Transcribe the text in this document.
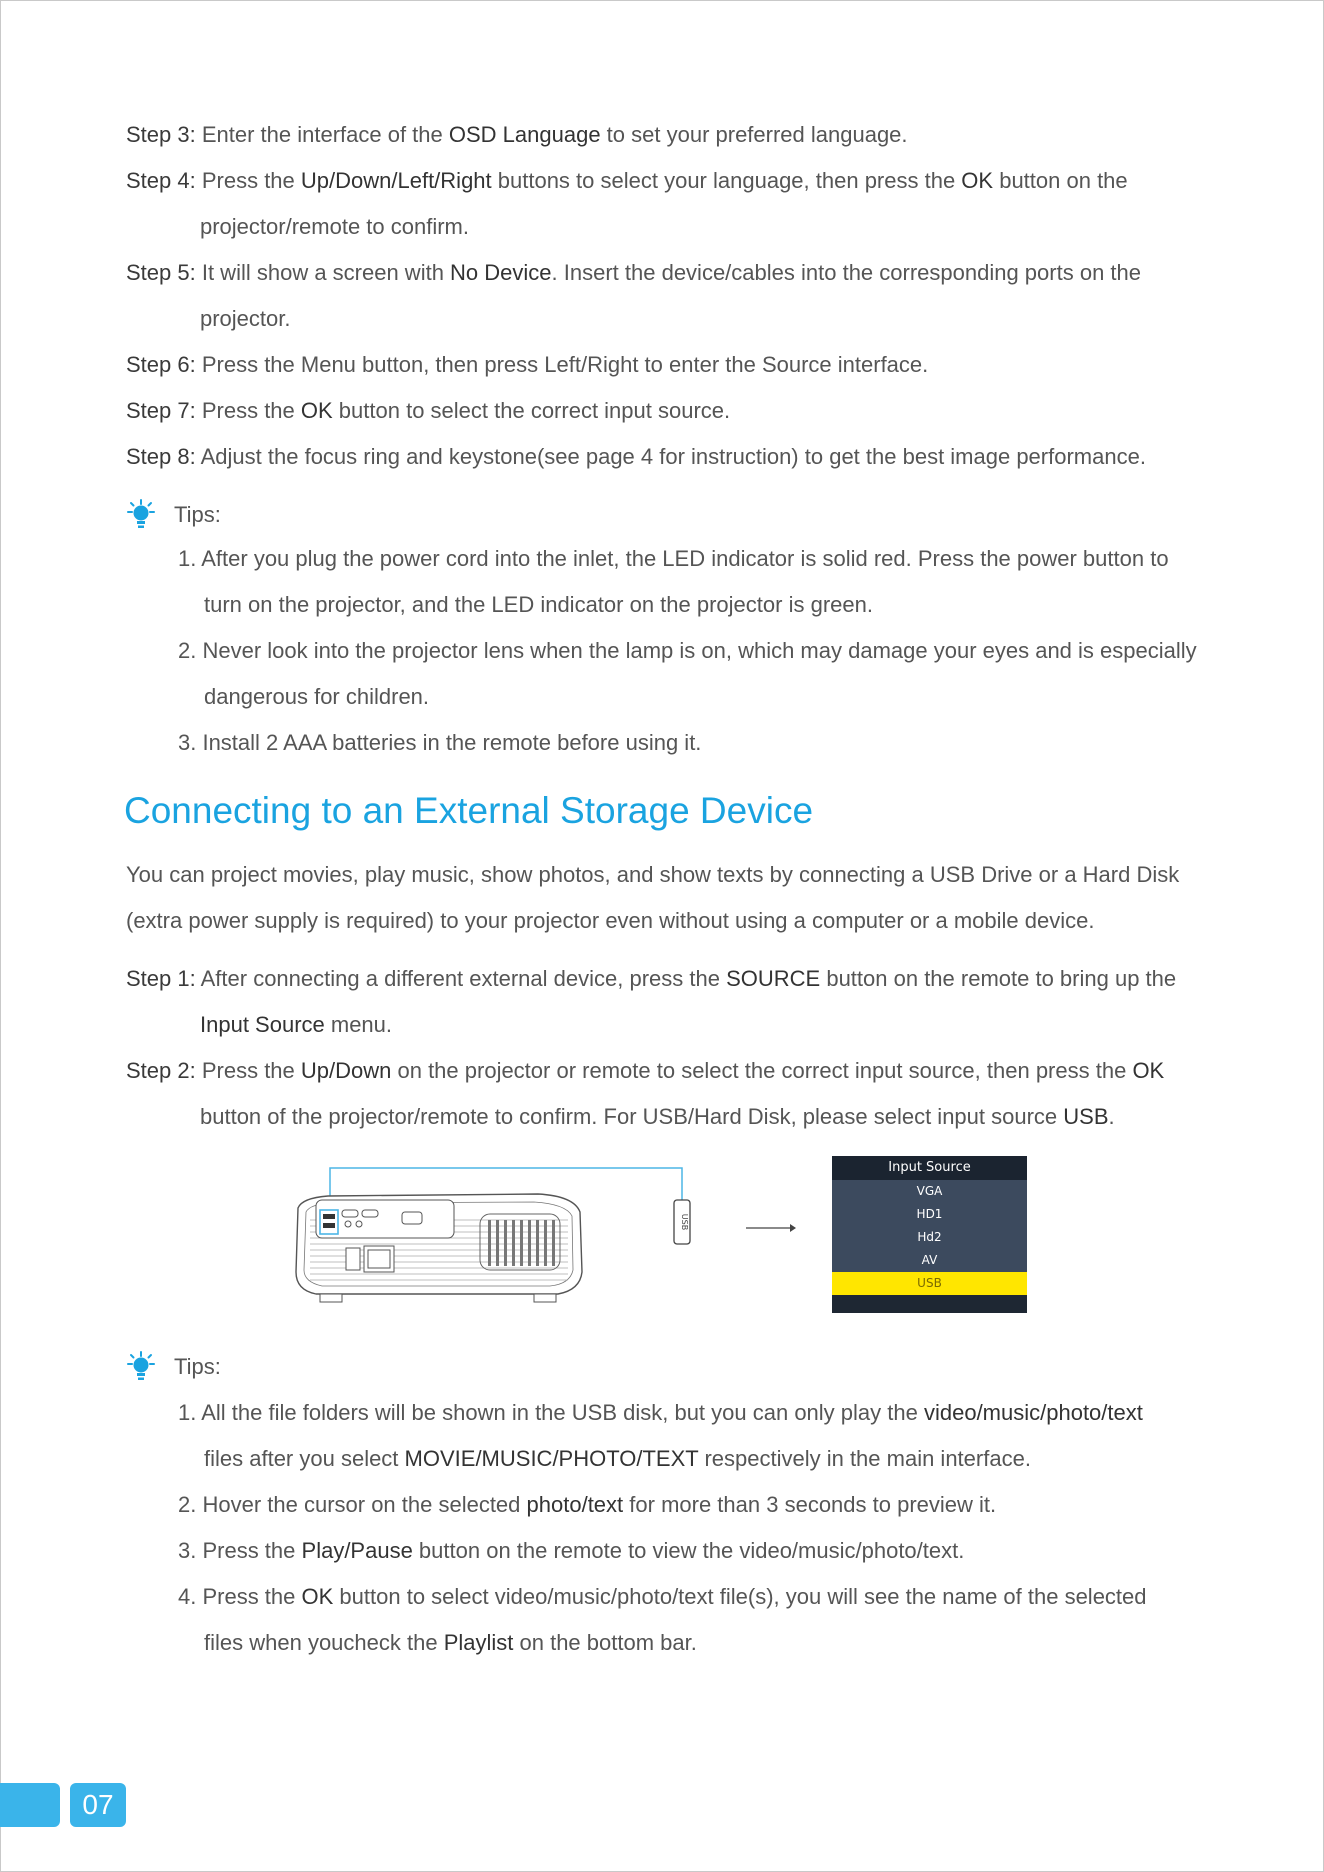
Step 3: Enter the interface of the OSD Language to set your preferred language.
Step 4: Press the Up/Down/Left/Right buttons to select your language, then press the OK button on the
projector/remote to confirm.
Step 5: It will show a screen with No Device. Insert the device/cables into the corresponding ports on the
projector.
Step 6: Press the Menu button, then press Left/Right to enter the Source interface.
Step 7: Press the OK button to select the correct input source.
Step 8: Adjust the focus ring and keystone(see page 4 for instruction) to get the best image performance.
Tips:
1. After you plug the power cord into the inlet, the LED indicator is solid red. Press the power button to
turn on the projector, and the LED indicator on the projector is green.
2. Never look into the projector lens when the lamp is on, which may damage your eyes and is especially
dangerous for children.
3. Install 2 AAA batteries in the remote before using it.
Connecting to an External Storage Device

You can project movies, play music, show photos, and show texts by connecting a USB Drive or a Hard Disk (extra power supply is required) to your projector even without using a computer or a mobile device.

Step 1: After connecting a different external device, press the SOURCE button on the remote to bring up the
Input Source menu.
Step 2: Press the Up/Down on the projector or remote to select the correct input source, then press the OK
button of the projector/remote to confirm. For USB/Hard Disk, please select input source USB.
USB
Input Source
VGA
HD1
Hd2
AV
USB
Tips:
1. All the file folders will be shown in the USB disk, but you can only play the video/music/photo/text
files after you select MOVIE/MUSIC/PHOTO/TEXT respectively in the main interface.
2. Hover the cursor on the selected photo/text for more than 3 seconds to preview it.
3. Press the Play/Pause button on the remote to view the video/music/photo/text.
4. Press the OK button to select video/music/photo/text file(s), you will see the name of the selected
files when youcheck the Playlist on the bottom bar.
07
